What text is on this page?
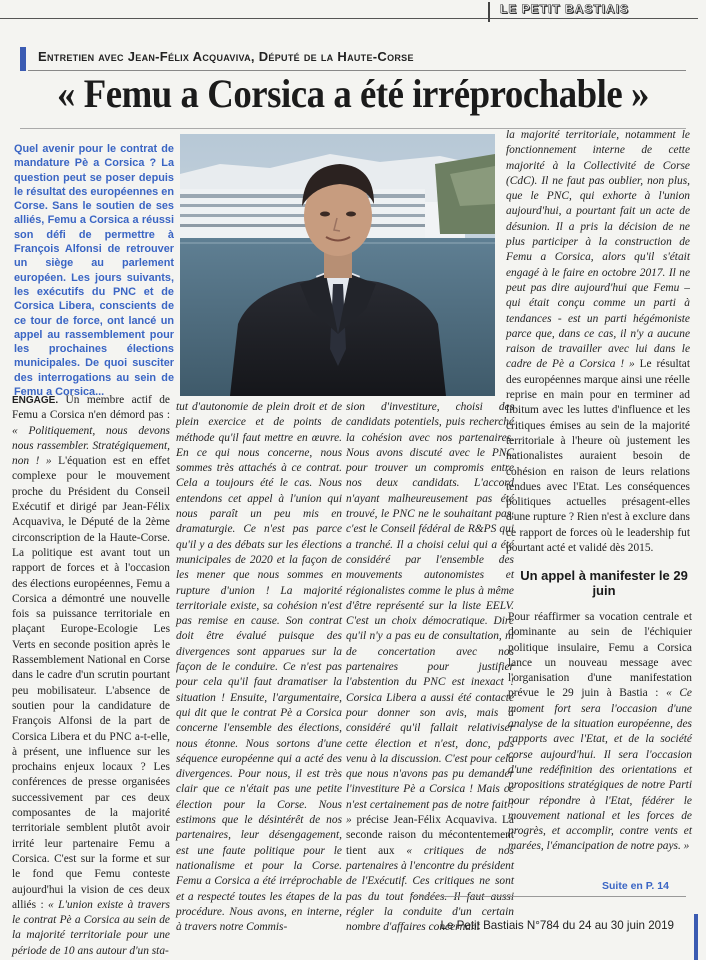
LE PETIT BASTIAIS
Entretien avec Jean-Félix Acquaviva, Député de la Haute-Corse
« Femu a Corsica a été irréprochable »
Quel avenir pour le contrat de mandature Pè a Corsica ? La question peut se poser depuis le résultat des européennes en Corse. Sans le soutien de ses alliés, Femu a Corsica a réussi son défi de permettre à François Alfonsi de retrouver un siège au parlement européen. Les jours suivants, les exécutifs du PNC et de Corsica Libera, conscients de ce tour de force, ont lancé un appel au rassemblement pour les prochaines élections municipales. De quoi susciter des interrogations au sein de Femu a Corsica...

ENGAGE. Un membre actif de Femu a Corsica n'en démord pas : « Politiquement, nous devons nous rassembler. Stratégiquement, non ! » L'équation est en effet complexe pour le mouvement proche du Président du Conseil Exécutif et dirigé par Jean-Félix Acquaviva, le Député de la 2ème circonscription de la Haute-Corse. La politique est avant tout un rapport de forces et à l'occasion des élections européennes, Femu a Corsica a démontré une nouvelle fois sa puissance territoriale en plaçant Europe-Ecologie Les Verts en seconde position après le Rassemblement National en Corse dans le cadre d'un scrutin pourtant peu mobilisateur. L'absence de soutien pour la candidature de François Alfonsi de la part de Corsica Libera et du PNC a-t-elle, à présent, une influence sur les prochains enjeux locaux ? Les conférences de presse organisées successivement par ces deux composantes de la majorité territoriale semblent plutôt avoir irrité leur partenaire Femu a Corsica. C'est sur la forme et sur le fond que Femu conteste aujourd'hui la vision de ces deux alliés : « L'union existe à travers le contrat Pè a Corsica au sein de la majorité territoriale pour une période de 10 ans autour d'un sta-

tut d'autonomie de plein droit et de plein exercice et de points de méthode qu'il faut mettre en œuvre. En ce qui nous concerne, nous sommes très attachés à ce contrat. Cela a toujours été le cas. Nous entendons cet appel à l'union qui nous paraît un peu mis en dramaturgie. Ce n'est pas parce qu'il y a des débats sur les élections municipales de 2020 et la façon de les mener que nous sommes en rupture d'union ! La majorité territoriale existe, sa cohésion n'est pas remise en cause. Son contrat doit être évalué puisque des divergences sont apparues sur la façon de le conduire. Ce n'est pas pour cela qu'il faut dramatiser la situation ! Ensuite, l'argumentaire, qui dit que le contrat Pè a Corsica concerne l'ensemble des élections, nous étonne. Nous sortons d'une séquence européenne qui a acté des divergences. Pour nous, il est très clair que ce n'était pas une petite élection pour la Corse. Nous estimons que le désintérêt de nos partenaires, leur désengagement, est une faute politique pour le nationalisme et pour la Corse. Femu a Corsica a été irréprochable et a respecté toutes les étapes de la procédure. Nous avons, en interne, à travers notre Commis-

sion d'investiture, choisi des candidats potentiels, puis recherché la cohésion avec nos partenaires. Nous avons discuté avec le PNC pour trouver un compromis entre nos deux candidats. L'accord n'ayant malheureusement pas été trouvé, le PNC ne le souhaitant pas, c'est le Conseil fédéral de R&PS qui a tranché. Il a choisi celui qui a été considéré par l'ensemble des mouvements autonomistes et régionalistes comme le plus à même d'être représenté sur la liste EELV. C'est un choix démocratique. Dire qu'il n'y a pas eu de consultation, ni de concertation avec nos partenaires pour justifier l'abstention du PNC est inexact ! Corsica Libera a aussi été contacté pour donner son avis, mais a considéré qu'il fallait relativiser cette élection et n'est, donc, pas venu à la discussion. C'est pour cela que nous n'avons pas pu demander l'investiture Pè a Corsica ! Mais ce n'est certainement pas de notre fait ! » précise Jean-Félix Acquaviva. La seconde raison du mécontentement tient aux « critiques de nos partenaires à l'encontre du président de l'Exécutif. Ces critiques ne sont pas du tout fondées. Il faut aussi régler la conduite d'un certain nombre d'affaires concernant

la majorité territoriale, notamment le fonctionnement interne de cette majorité à la Collectivité de Corse (CdC). Il ne faut pas oublier, non plus, que le PNC, qui exhorte à l'union aujourd'hui, a pourtant fait un acte de désunion. Il a pris la décision de ne plus participer à la construction de Femu a Corsica, alors qu'il s'était engagé à le faire en octobre 2017. Il ne peut pas dire aujourd'hui que Femu – qui était conçu comme un parti à tendances - est un parti hégémoniste parce que, dans ce cas, il n'y a aucune raison de travailler avec lui dans le cadre de Pè a Corsica ! » Le résultat des européennes marque ainsi une réelle reprise en main pour en terminer ad libitum avec les luttes d'influence et les critiques émises au sein de la majorité territoriale à l'heure où justement les nationalistes auraient besoin de cohésion en raison de leurs relations tendues avec l'Etat. Les conséquences politiques actuelles présagent-elles d'une rupture ? Rien n'est à exclure dans ce rapport de forces où le leadership fut pourtant acté et validé dès 2015.

Un appel à manifester le 29 juin

Pour réaffirmer sa vocation centrale et dominante au sein de l'échiquier politique insulaire, Femu a Corsica lance un nouveau message avec l'organisation d'une manifestation prévue le 29 juin à Bastia : « Ce moment fort sera l'occasion d'une analyse de la situation européenne, des rapports avec l'Etat, et de la société corse aujourd'hui. Il sera l'occasion d'une redéfinition des orientations et propositions stratégiques de notre Parti pour répondre à l'Etat, fédérer le mouvement national et les forces de progrès, et accomplir, contre vents et marées, l'émancipation de notre pays. »

Suite en P. 14
Le Petit Bastiais N°784 du 24 au 30 juin 2019
